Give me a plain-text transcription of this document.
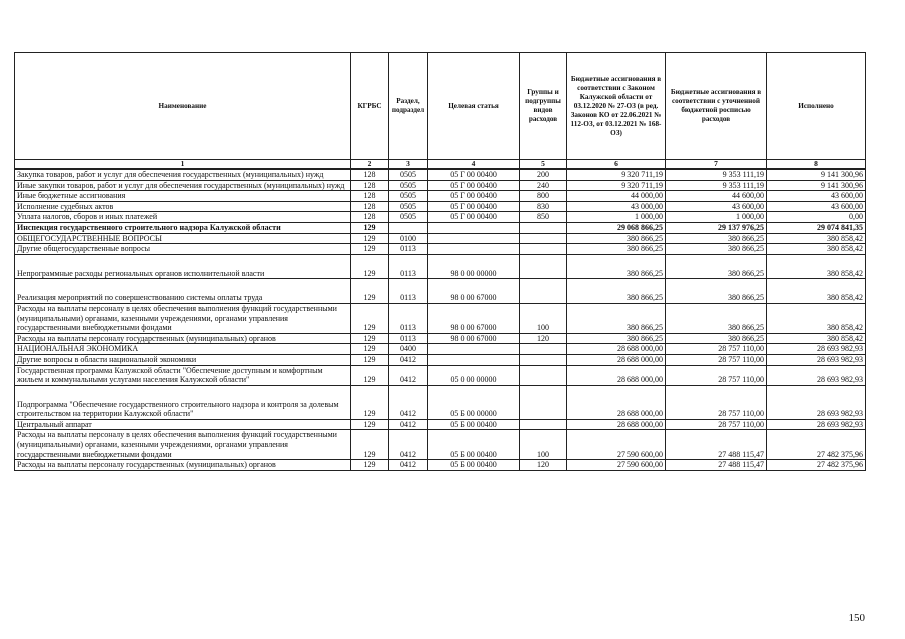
Наименование	КГРБС	Раздел, подраздел	Целевая статья	Группы и подгруппы видов расходов	Бюджетные ассигнования в соответствии с Законом Калужской области от 03.12.2020 № 27-ОЗ (в ред. Законов КО от 22.06.2021 № 112-ОЗ, от 03.12.2021 № 168-ОЗ)	Бюджетные ассигнования в соответствии с уточненной бюджетной росписью расходов	Исполнено
1	2	3	4	5	6	7	8
Закупка товаров, работ и услуг для обеспечения государственных (муниципальных) нужд	128	0505	05 Г 00 00400	200	9 320 711,19	9 353 111,19	9 141 300,96
Иные закупки товаров, работ и услуг для обеспечения государственных (муниципальных) нужд	128	0505	05 Г 00 00400	240	9 320 711,19	9 353 111,19	9 141 300,96
Иные бюджетные ассигнования	128	0505	05 Г 00 00400	800	44 000,00	44 600,00	43 600,00
Исполнение судебных актов	128	0505	05 Г 00 00400	830	43 000,00	43 600,00	43 600,00
Уплата налогов, сборов и иных платежей	128	0505	05 Г 00 00400	850	1 000,00	1 000,00	0,00
Инспекция государственного строительного надзора Калужской области	129				29 068 866,25	29 137 976,25	29 074 841,35
ОБЩЕГОСУДАРСТВЕННЫЕ ВОПРОСЫ	129	0100			380 866,25	380 866,25	380 858,42
Другие общегосударственные вопросы	129	0113			380 866,25	380 866,25	380 858,42
Непрограммные расходы региональных органов исполнительной власти	129	0113	98 0 00 00000		380 866,25	380 866,25	380 858,42
Реализация мероприятий по совершенствованию системы оплаты труда	129	0113	98 0 00 67000		380 866,25	380 866,25	380 858,42
Расходы на выплаты персоналу в целях обеспечения выполнения функций государственными (муниципальными) органами, казенными учреждениями, органами управления государственными внебюджетными фондами	129	0113	98 0 00 67000	100	380 866,25	380 866,25	380 858,42
Расходы на выплаты персоналу государственных (муниципальных) органов	129	0113	98 0 00 67000	120	380 866,25	380 866,25	380 858,42
НАЦИОНАЛЬНАЯ ЭКОНОМИКА	129	0400			28 688 000,00	28 757 110,00	28 693 982,93
Другие вопросы в области национальной экономики	129	0412			28 688 000,00	28 757 110,00	28 693 982,93
Государственная программа Калужской области "Обеспечение доступным и комфортным жильем и коммунальными услугами населения Калужской области"	129	0412	05 0 00 00000		28 688 000,00	28 757 110,00	28 693 982,93
Подпрограмма "Обеспечение государственного строительного надзора и контроля за долевым строительством на территории Калужской области"	129	0412	05 Б 00 00000		28 688 000,00	28 757 110,00	28 693 982,93
Центральный аппарат	129	0412	05 Б 00 00400		28 688 000,00	28 757 110,00	28 693 982,93
Расходы на выплаты персоналу в целях обеспечения выполнения функций государственными (муниципальными) органами, казенными учреждениями, органами управления государственными внебюджетными фондами	129	0412	05 Б 00 00400	100	27 590 600,00	27 488 115,47	27 482 375,96
Расходы на выплаты персоналу государственных (муниципальных) органов	129	0412	05 Б 00 00400	120	27 590 600,00	27 488 115,47	27 482 375,96
150
